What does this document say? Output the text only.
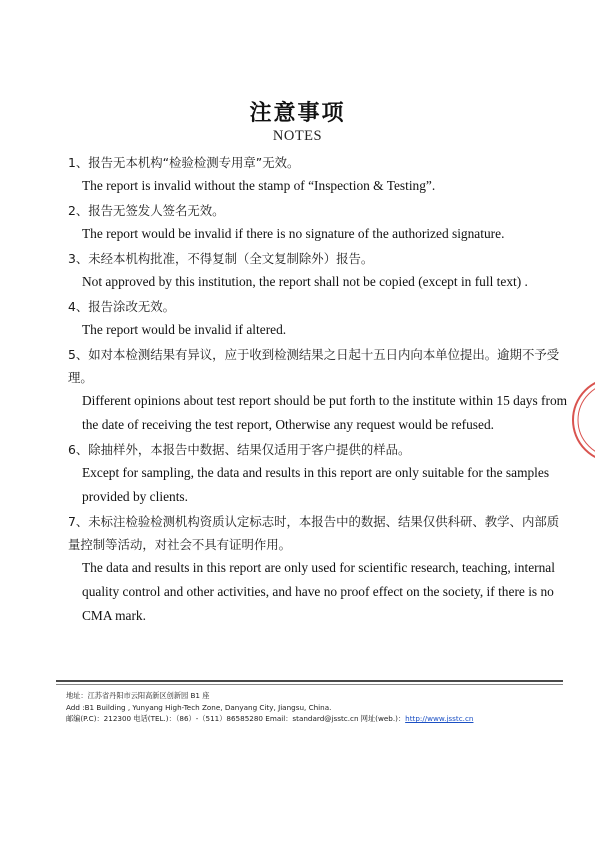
注意事项
NOTES
1、报告无本机构“检验检测专用章”无效。
The report is invalid without the stamp of “Inspection & Testing”.
2、报告无签发人签名无效。
The report would be invalid if there is no signature of the authorized signature.
3、未经本机构批准，不得复制（全文复制除外）报告。
Not approved by this institution, the report shall not be copied (except in full text) .
4、报告涂改无效。
The report would be invalid if altered.
5、如对本检测结果有异议，应于收到检测结果之日起十五日内向本单位提出。逾期不予受理。
Different opinions about test report should be put forth to the institute within 15 days from the date of receiving the test report, Otherwise any request would be refused.
6、除抽样外，本报告中数据、结果仅适用于客户提供的样品。
Except for sampling, the data and results in this report are only suitable for the samples provided by clients.
7、未标注检验检测机构资质认定标志时，本报告中的数据、结果仅供科研、教学、内部质量控制等活动，对社会不具有证明作用。
The data and results in this report are only used for scientific research, teaching, internal quality control and other activities, and have no proof effect on the society, if there is no CMA mark.
地址：江苏省丹阳市云阳高新区创新园 B1 座
Add :B1 Building , Yunyang High-Tech Zone, Danyang City, Jiangsu, China.
邮编(P.C)：212300 电话(TEL.)：（86）-（511）86585280 Email：standard@jsstc.cn 网址(web.)：http://www.jsstc.cn
